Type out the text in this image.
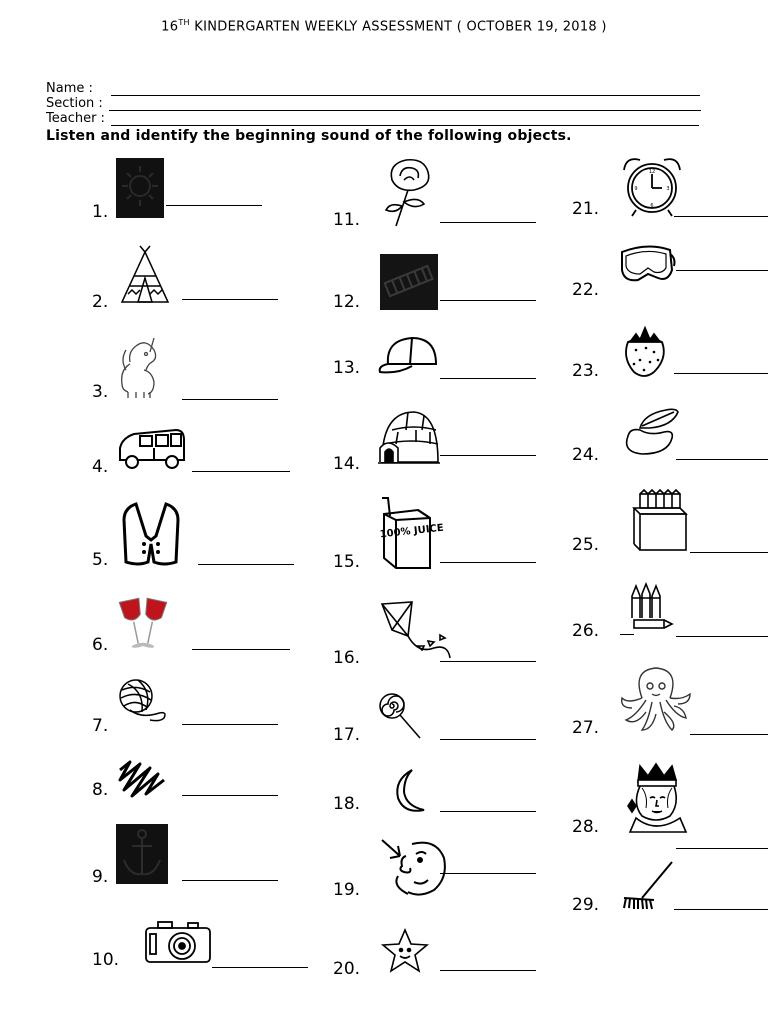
16TH KINDERGARTEN WEEKLY ASSESSMENT ( OCTOBER 19, 2018 )
Name :
Section :
Teacher :
Listen and identify the beginning sound of the following objects.
1.
2.
3.
4.
5.
6.
7.
8.
9.
10.
11.
12.
13.
14.
15.
100% JUICE
16.
17.
18.
19.
20.
21.
12
3
6
9
22.
23.
24.
25.
26.
27.
28.
29.
